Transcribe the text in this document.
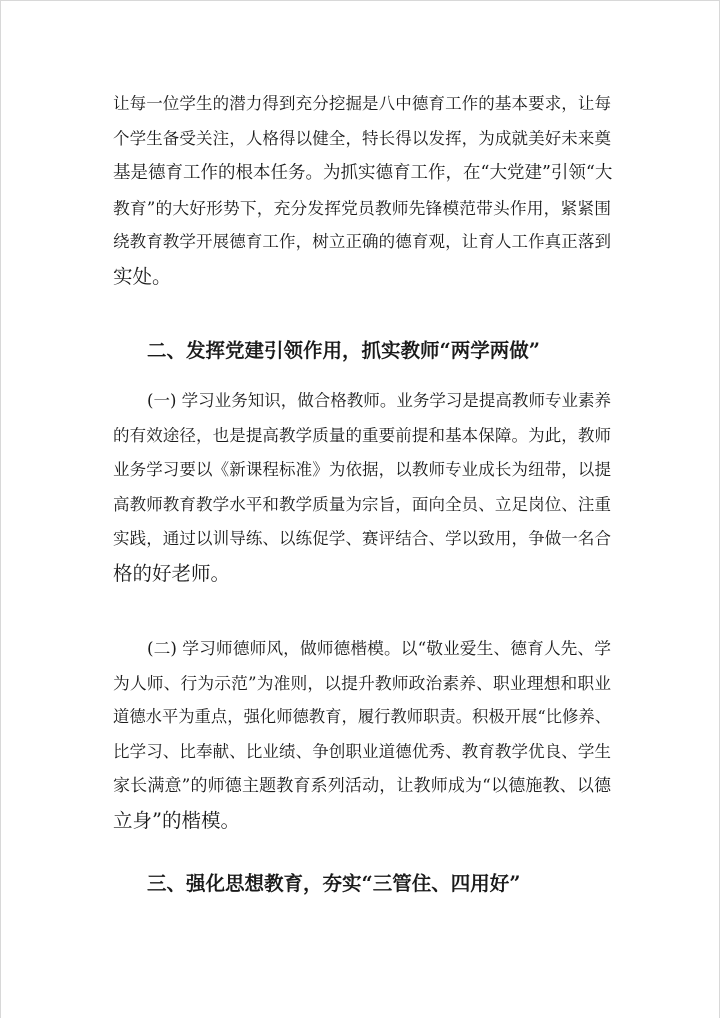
让每一位学生的潜力得到充分挖掘是八中德育工作的基本要求，让每
个学生备受关注，人格得以健全，特长得以发挥，为成就美好未来奠
基是德育工作的根本任务。为抓实德育工作，在“大党建”引领“大
教育”的大好形势下，充分发挥党员教师先锋模范带头作用，紧紧围
绕教育教学开展德育工作，树立正确的德育观，让育人工作真正落到
实处。
二、发挥党建引领作用，抓实教师“两学两做”
(一) 学习业务知识，做合格教师。业务学习是提高教师专业素养
的有效途径，也是提高教学质量的重要前提和基本保障。为此，教师
业务学习要以《新课程标准》为依据，以教师专业成长为纽带，以提
高教师教育教学水平和教学质量为宗旨，面向全员、立足岗位、注重
实践，通过以训导练、以练促学、赛评结合、学以致用，争做一名合
格的好老师。
(二) 学习师德师风，做师德楷模。以“敬业爱生、德育人先、学
为人师、行为示范”为准则，以提升教师政治素养、职业理想和职业
道德水平为重点，强化师德教育，履行教师职责。积极开展“比修养、
比学习、比奉献、比业绩、争创职业道德优秀、教育教学优良、学生
家长满意”的师德主题教育系列活动，让教师成为“以德施教、以德
立身”的楷模。
三、强化思想教育，夯实“三管住、四用好”
